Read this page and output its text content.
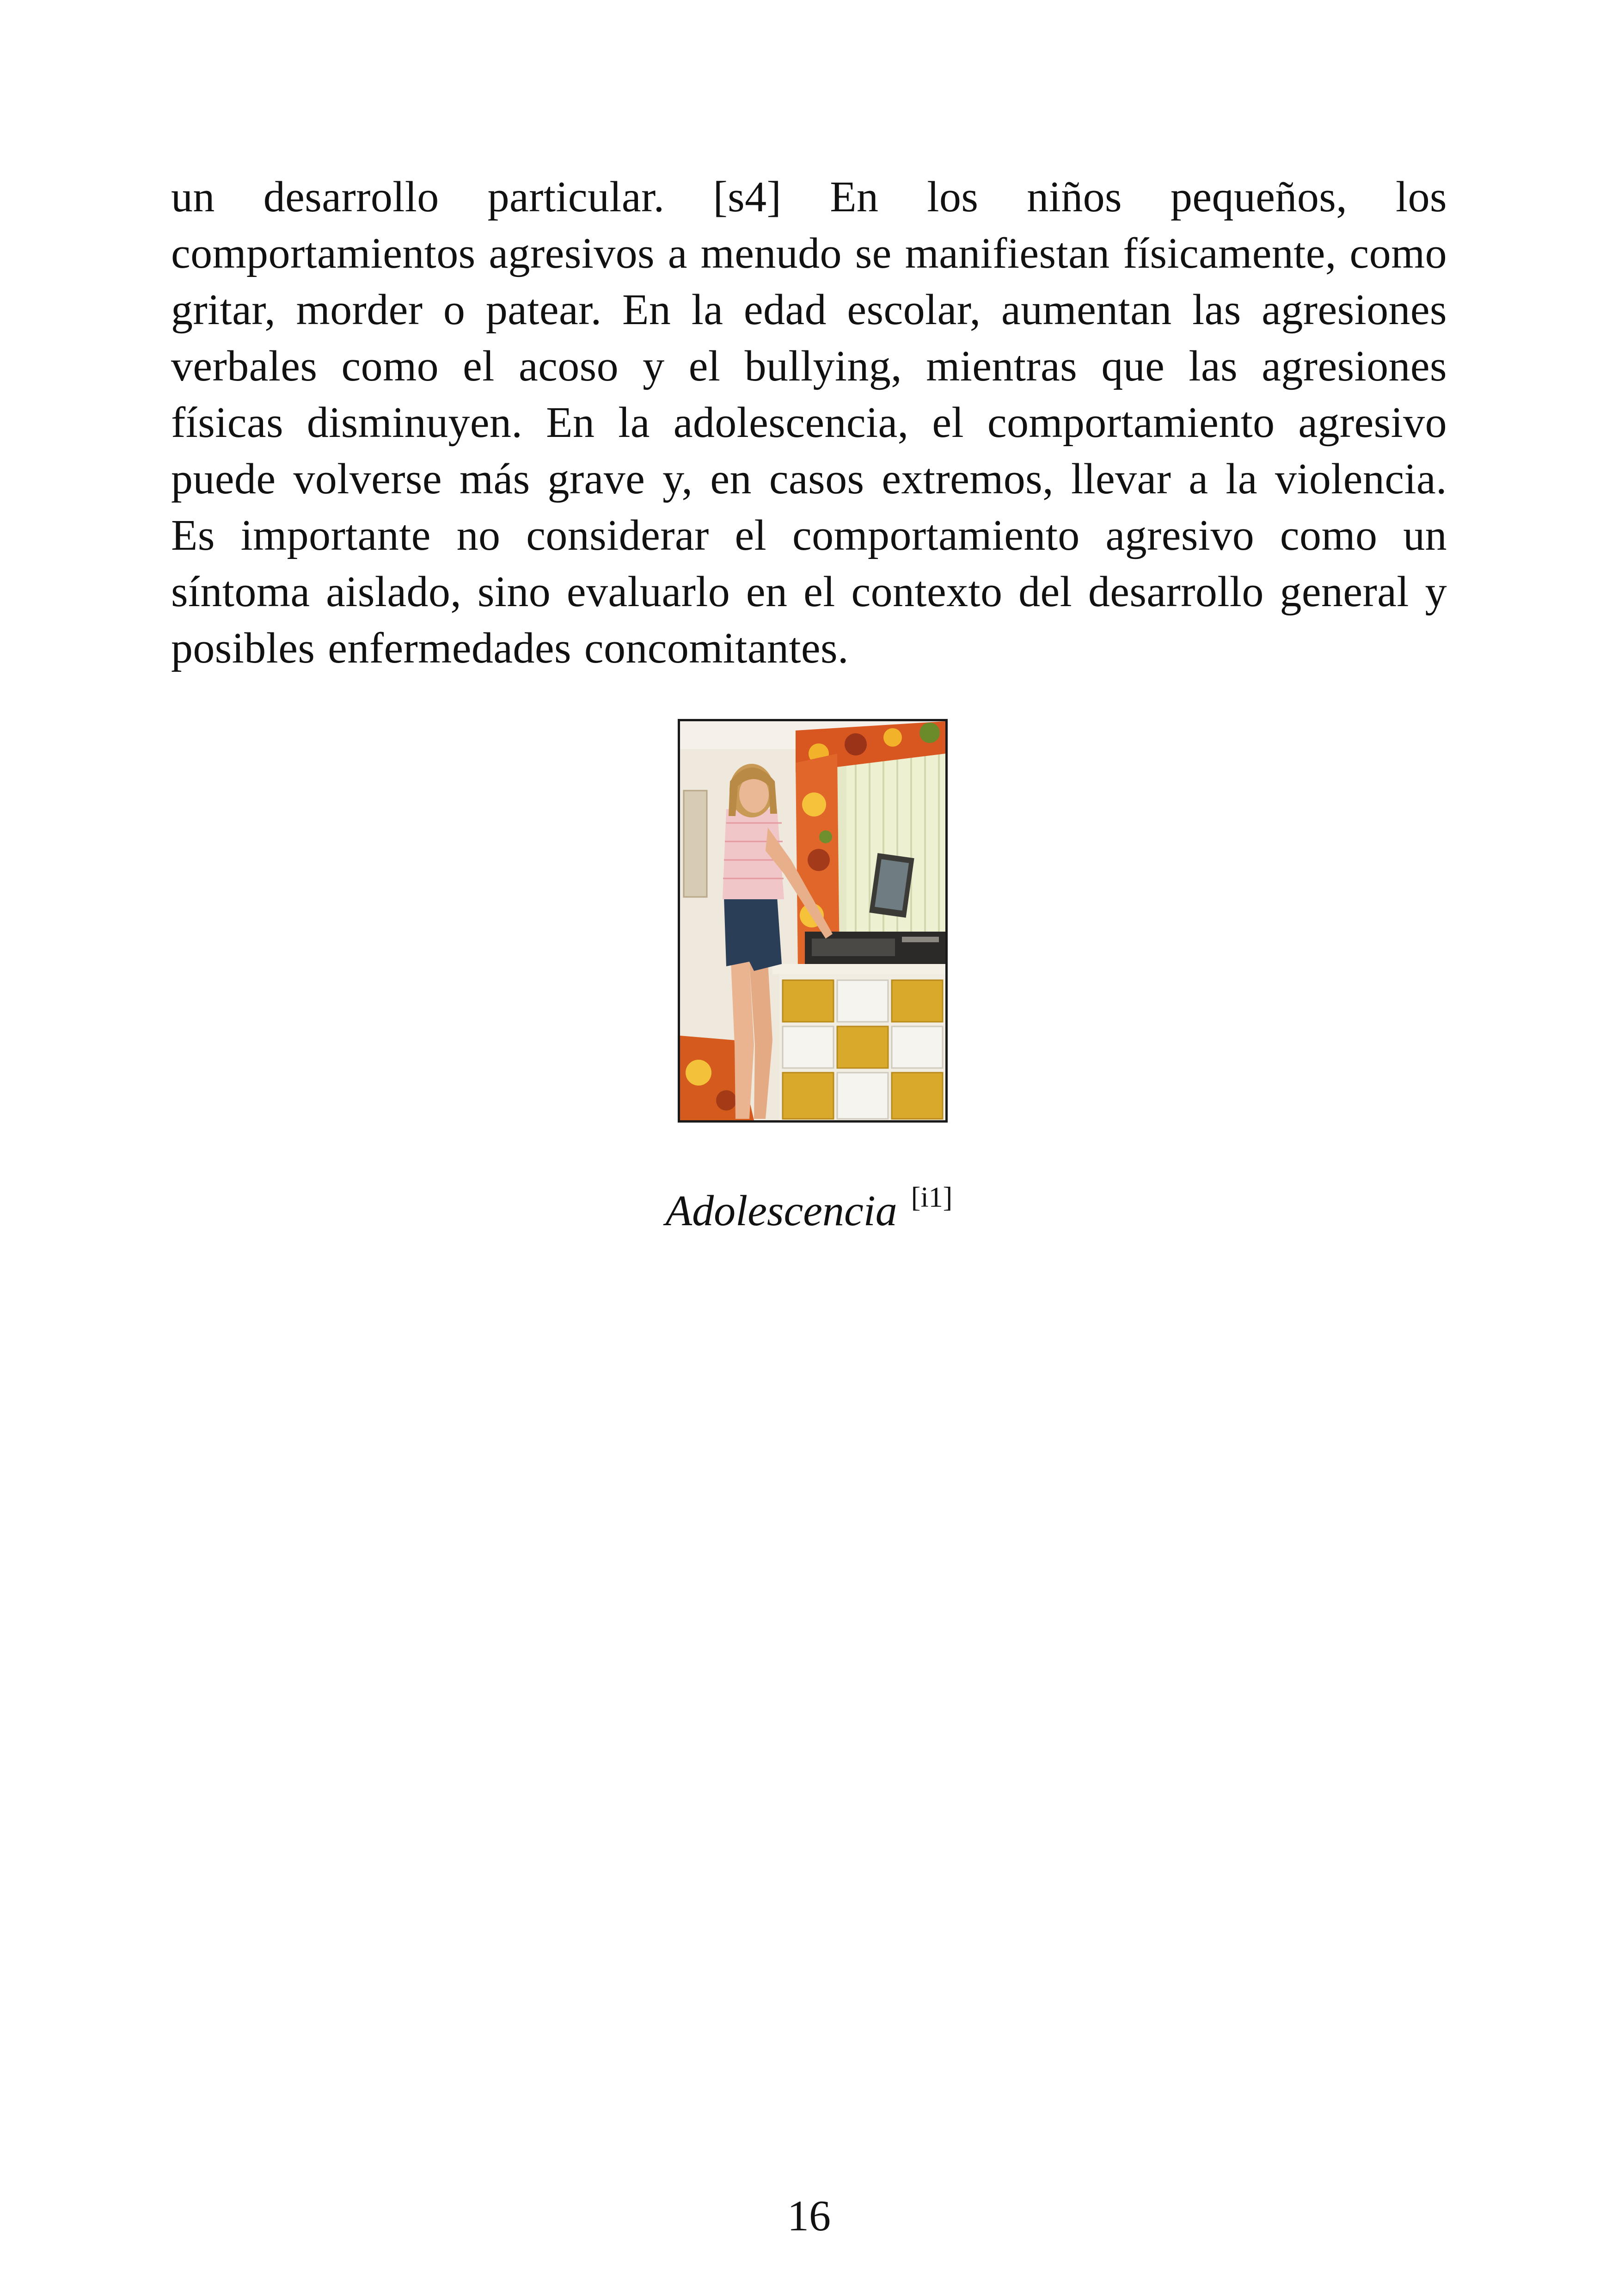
un desarrollo particular. [s4] En los niños pequeños, los
comportamientos agresivos a menudo se manifiestan físicamente, como
gritar, morder o patear. En la edad escolar, aumentan las agresiones
verbales como el acoso y el bullying, mientras que las agresiones
físicas disminuyen. En la adolescencia, el comportamiento agresivo
puede volverse más grave y, en casos extremos, llevar a la violencia.
Es importante no considerar el comportamiento agresivo como un
síntoma aislado, sino evaluarlo en el contexto del desarrollo general y
posibles enfermedades concomitantes.

Adolescencia [i1]

16
